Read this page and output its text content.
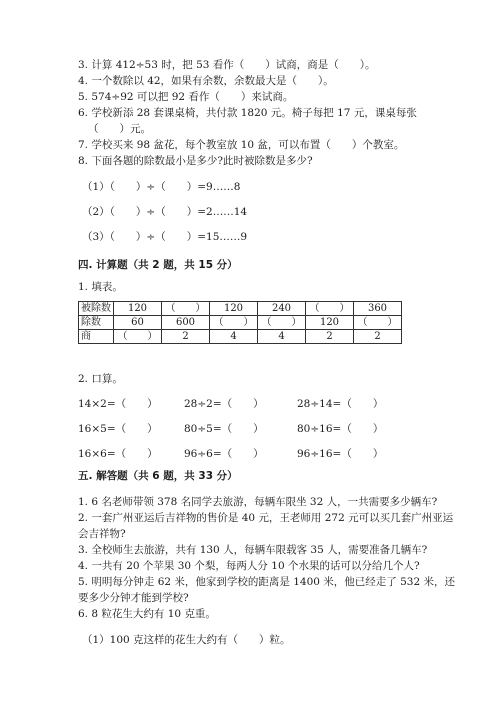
3. 计算 412÷53 时，把 53 看作（　　）试商，商是（　　）。
4. 一个数除以 42，如果有余数，余数最大是（　　）。
5. 574÷92 可以把 92 看作（　　）来试商。
6. 学校新添 28 套课桌椅，共付款 1820 元。椅子每把 17 元，课桌每张
（　　）元。
7. 学校买来 98 盆花，每个教室放 10 盆，可以布置（　　）个教室。
8. 下面各题的除数最小是多少?此时被除数是多少?
（1）（　　）÷（　　）=9……8
（2）（　　）÷（　　）=2……14
（3）（　　）÷（　　）=15……9
四. 计算题（共 2 题，共 15 分）
1. 填表。
被除数	120	（　　）	120	240	（　　）	360
除数	60	600	（　　）	（　　）	120	（　　）
商	（　　）	2	4	4	2	2
2. 口算。
14×2=（　　）	28÷2=（　　）	28÷14=（　　）
16×5=（　　）	80÷5=（　　）	80÷16=（　　）
16×6=（　　）	96÷6=（　　）	96÷16=（　　）
五. 解答题（共 6 题，共 33 分）
1. 6 名老师带领 378 名同学去旅游，每辆车限坐 32 人，一共需要多少辆车?
2. 一套广州亚运后吉祥物的售价是 40 元，王老师用 272 元可以买几套广州亚运
会吉祥物?
3. 全校师生去旅游，共有 130 人，每辆车限载客 35 人，需要准备几辆车?
4. 一共有 20 个苹果 30 个梨，每两人分 10 个水果的话可以分给几个人?
5. 明明每分钟走 62 米，他家到学校的距离是 1400 米，他已经走了 532 米，还
要多少分钟才能到学校?
6. 8 粒花生大约有 10 克重。
（1）100 克这样的花生大约有（　　）粒。
